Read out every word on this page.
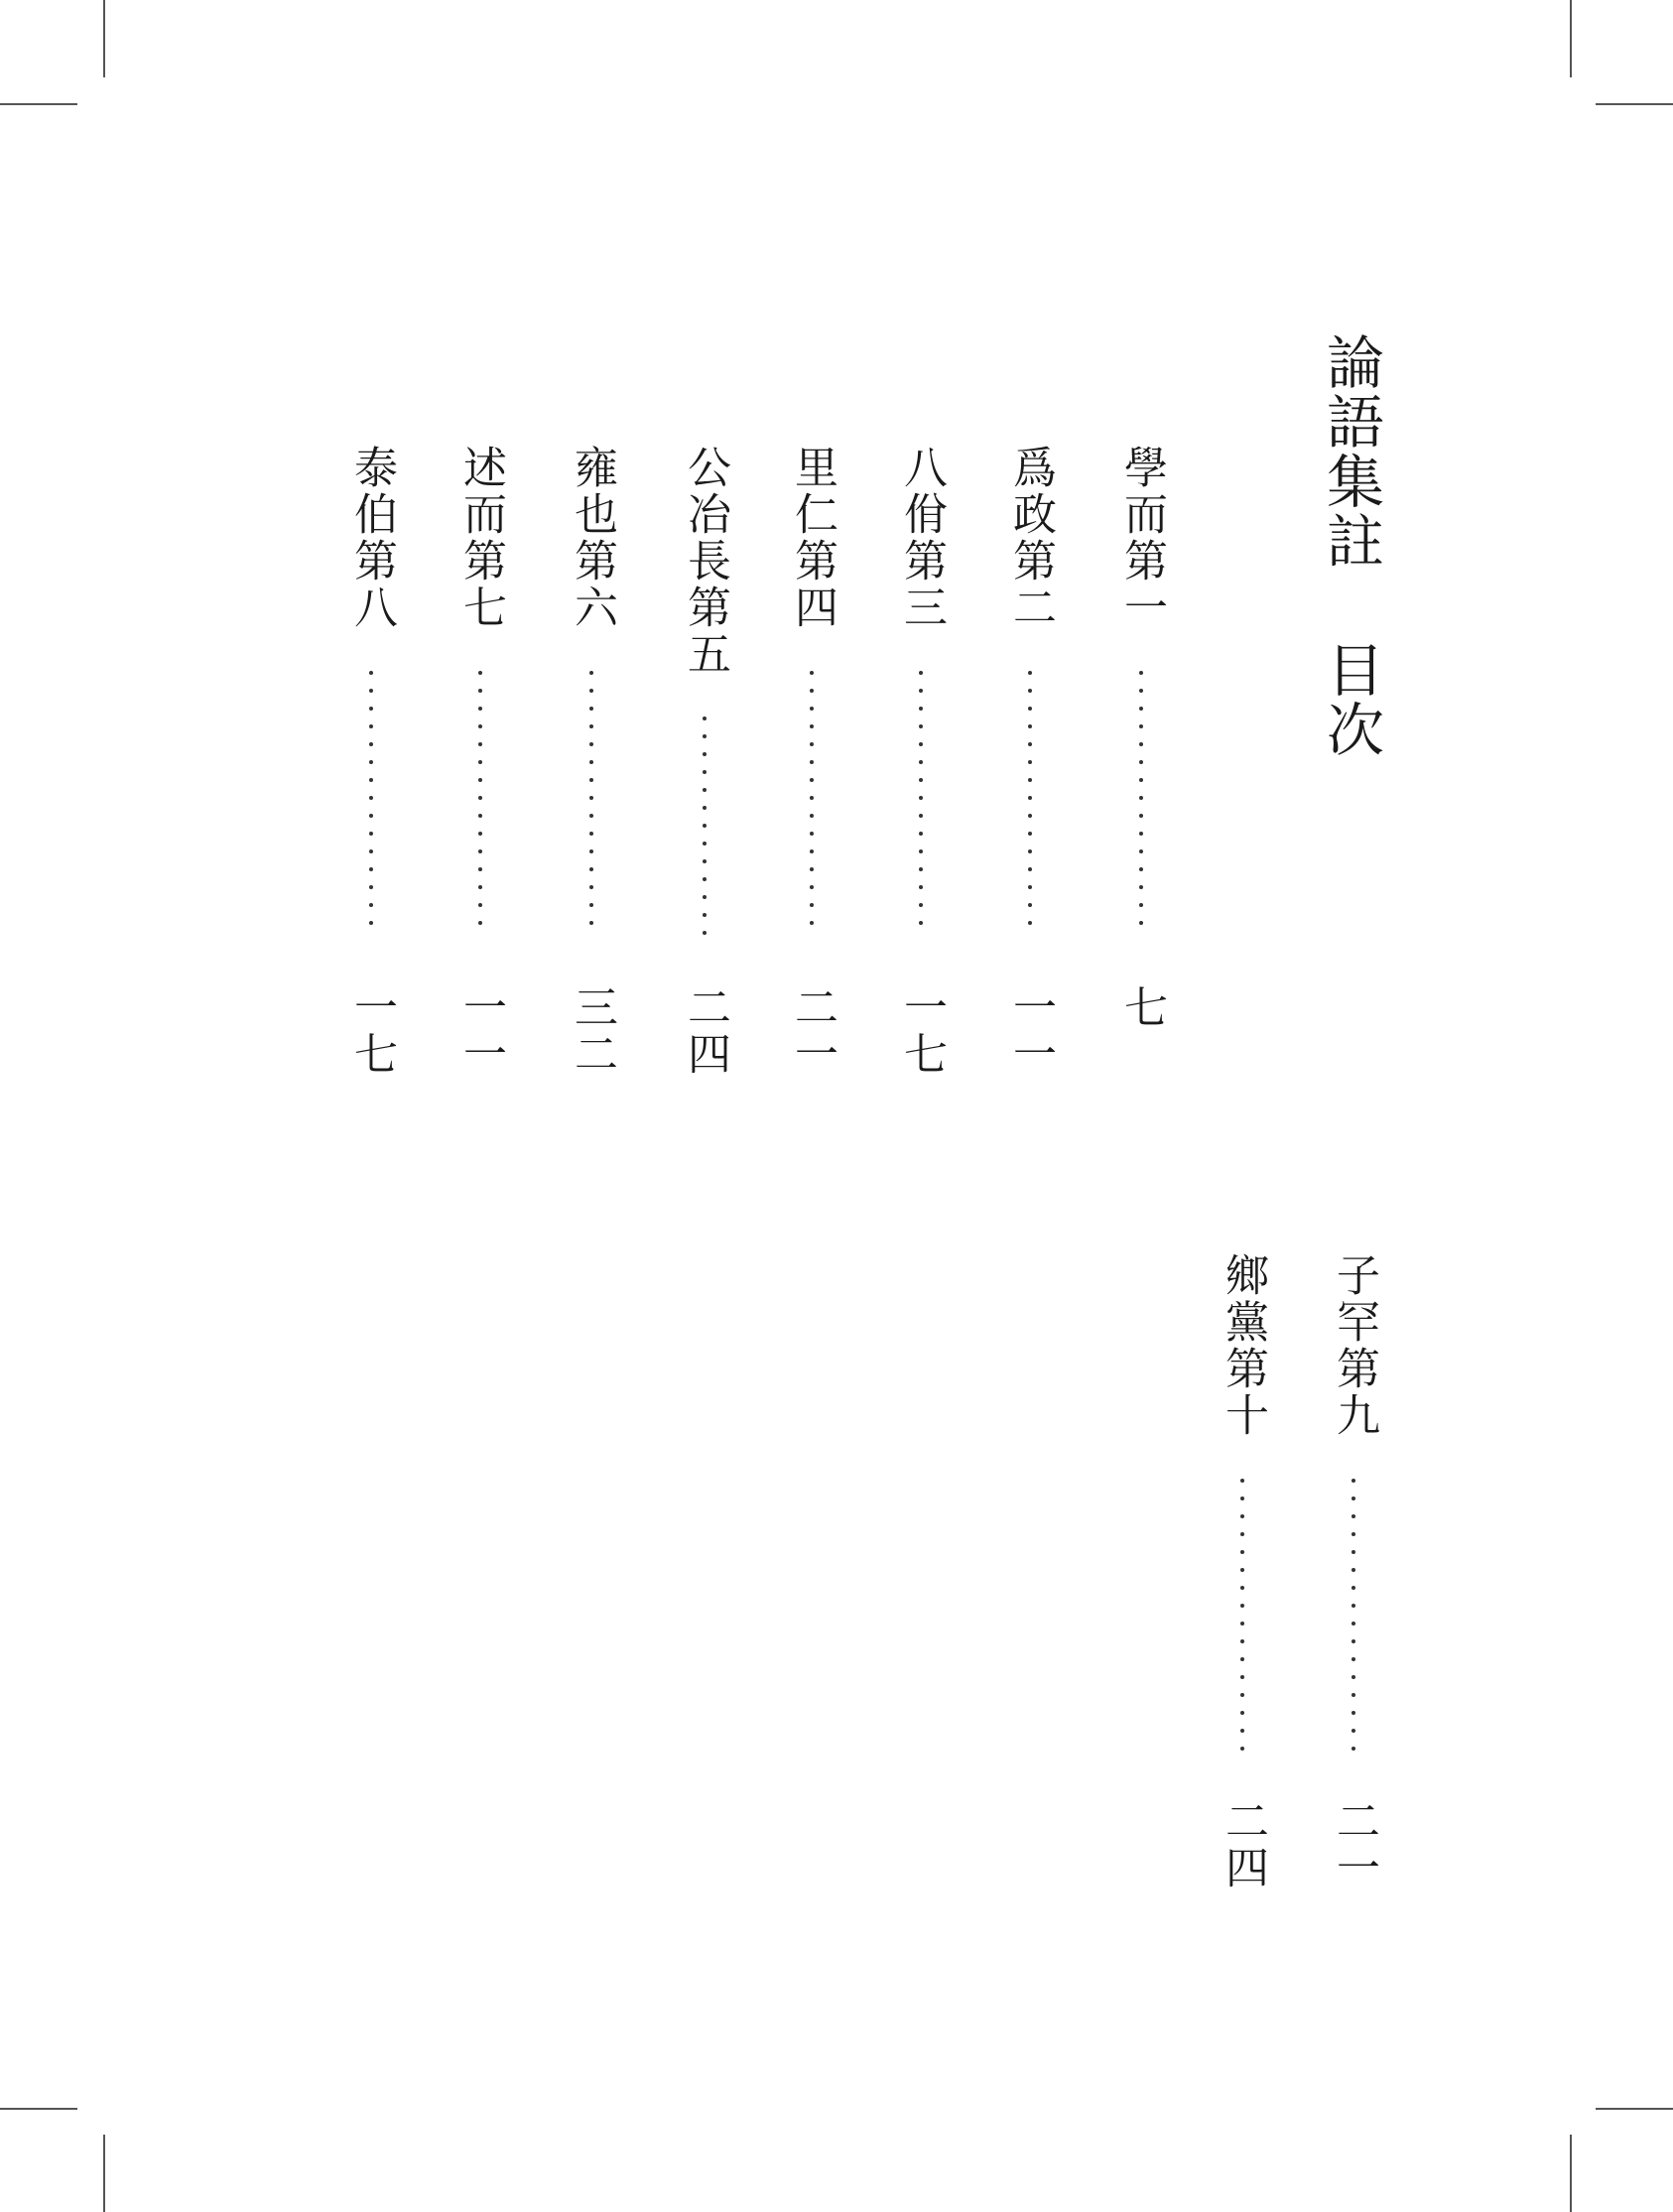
論語集註 目次
學而第一
七
爲政第二
一一
八佾第三
一七
里仁第四
二一
公冶長第五
二四
雍也第六
三二
述而第七
一一
泰伯第八
一七
子罕第九
二一
鄉黨第十
二四
